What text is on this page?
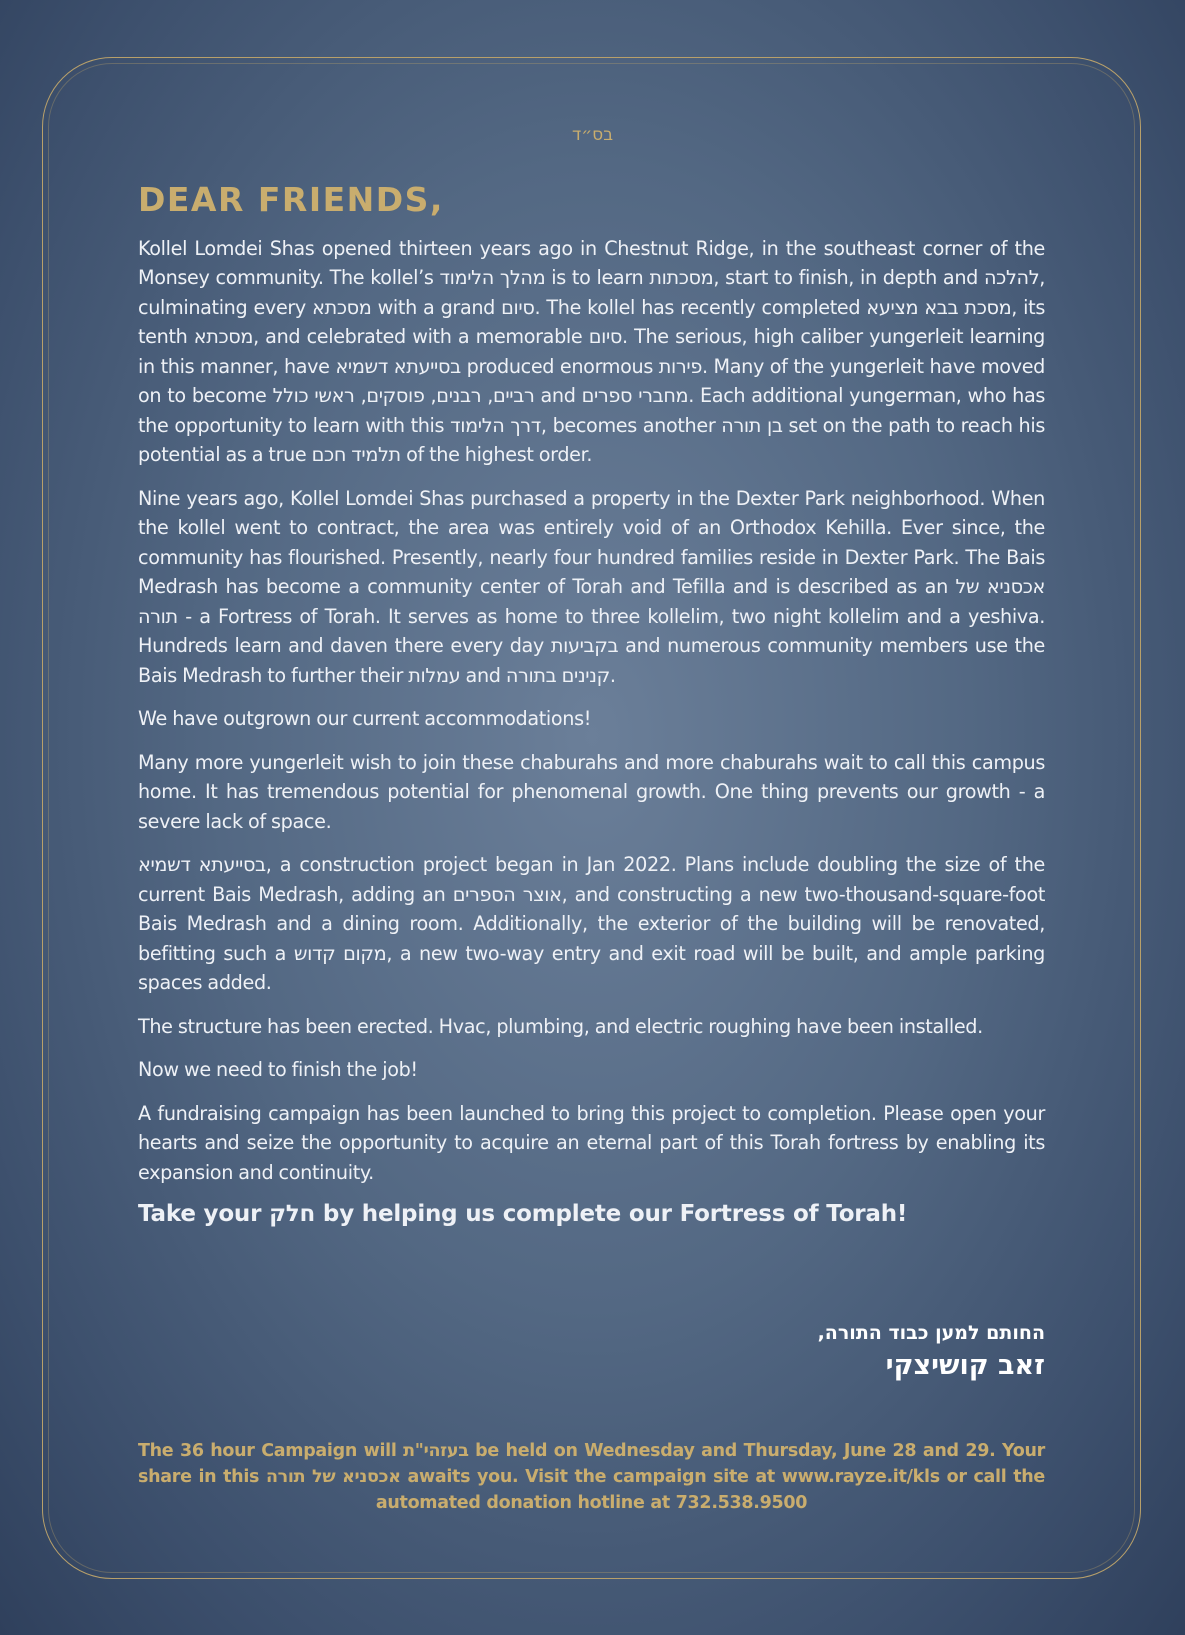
בס״ד
DEAR FRIENDS,

Kollel Lomdei Shas opened thirteen years ago in Chestnut Ridge, in the southeast corner of the Monsey community. The kollel’s מהלך הלימוד is to learn מסכתות, start to finish, in depth and להלכה, culminating every מסכתא with a grand סיום. The kollel has recently completed מסכת בבא מציעא, its tenth מסכתא, and celebrated with a memorable סיום. The serious, high caliber yungerleit learning in this manner, have בסייעתא דשמיא produced enormous פירות. Many of the yungerleit have moved on to become רביים, רבנים, פוסקים, ראשי כולל and מחברי ספרים. Each additional yungerman, who has the opportunity to learn with this דרך הלימוד, becomes another בן תורה set on the path to reach his potential as a true תלמיד חכם of the highest order.

Nine years ago, Kollel Lomdei Shas purchased a property in the Dexter Park neighborhood. When the kollel went to contract, the area was entirely void of an Orthodox Kehilla. Ever since, the community has flourished. Presently, nearly four hundred families reside in Dexter Park. The Bais Medrash has become a community center of Torah and Tefilla and is described as an אכסניא של תורה - a Fortress of Torah. It serves as home to three kollelim, two night kollelim and a yeshiva. Hundreds learn and daven there every day בקביעות and numerous community members use the Bais Medrash to further their עמלות and קנינים בתורה.

We have outgrown our current accommodations!

Many more yungerleit wish to join these chaburahs and more chaburahs wait to call this campus home. It has tremendous potential for phenomenal growth. One thing prevents our growth - a severe lack of space.

בסייעתא דשמיא, a construction project began in Jan 2022. Plans include doubling the size of the current Bais Medrash, adding an אוצר הספרים, and constructing a new two-thousand-square-foot Bais Medrash and a dining room. Additionally, the exterior of the building will be renovated, befitting such a מקום קדוש, a new two-way entry and exit road will be built, and ample parking spaces added.

The structure has been erected. Hvac, plumbing, and electric roughing have been installed.

Now we need to finish the job!

A fundraising campaign has been launched to bring this project to completion. Please open your hearts and seize the opportunity to acquire an eternal part of this Torah fortress by enabling its expansion and continuity.

Take your חלק by helping us complete our Fortress of Torah!
החותם למען כבוד התורה,
זאב קושיצקי
The 36 hour Campaign will בעזהי"ת be held on Wednesday and Thursday, June 28 and 29. Your share in this אכסניא של תורה awaits you. Visit the campaign site at www.rayze.it/kls or call the automated donation hotline at 732.538.9500
